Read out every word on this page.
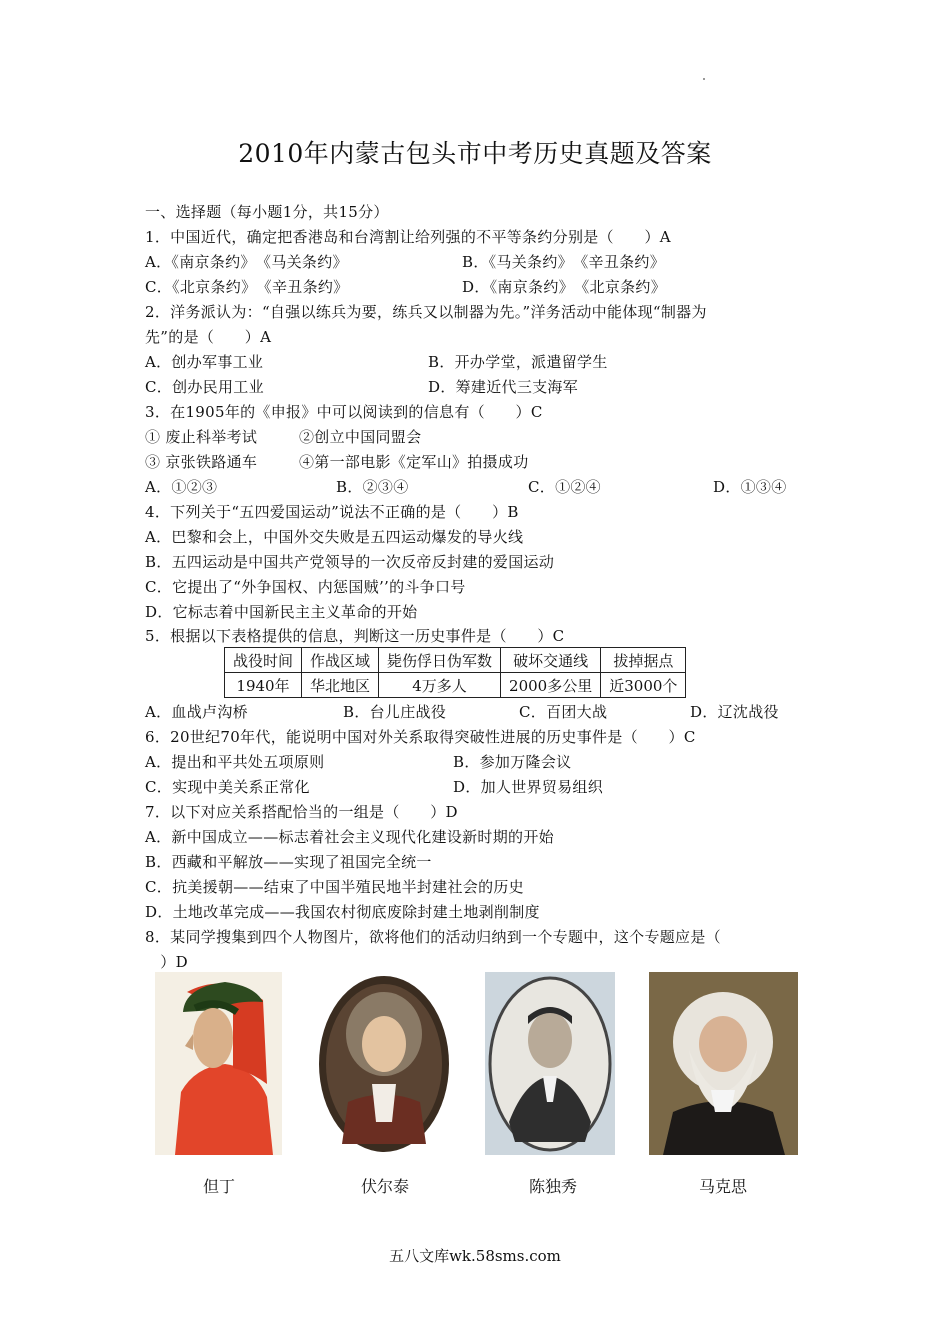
2010年内蒙古包头市中考历史真题及答案
一、选择题（每小题1分，共15分）
1．中国近代，确定把香港岛和台湾割让给列强的不平等条约分别是（　　）A
A．《南京条约》　《马关条约》	B．《马关条约》　《辛丑条约》
C．《北京条约》　《辛丑条约》	D．《南京条约》　《北京条约》
2．洋务派认为：“自强以练兵为要，练兵又以制器为先。”洋务活动中能体现“制器为
先”的是（　　）A
A．创办军事工业	B．开办学堂，派遣留学生
C．创办民用工业	D．筹建近代三支海军
3．在1905年的《申报》中可以阅读到的信息有（　　）C
① 废止科举考试	②创立中国同盟会
③ 京张铁路通车	④第一部电影《定军山》拍摄成功
A．①②③	B．②③④	C．①②④	D．①③④
4．下列关于“五四爱国运动”说法不正确的是（　　）B
A．巴黎和会上，中国外交失败是五四运动爆发的导火线
B．五四运动是中国共产党领导的一次反帝反封建的爱国运动
C．它提出了“外争国权、内惩国贼’’的斗争口号
D．它标志着中国新民主主义革命的开始
5．根据以下表格提供的信息，判断这一历史事件是（　　）C
战役时间	作战区域	毙伤俘日伪军数	破坏交通线	拔掉据点
1940年	华北地区	4万多人	2000多公里	近3000个
A．血战卢沟桥	B．台儿庄战役	C．百团大战	D．辽沈战役
6．20世纪70年代，能说明中国对外关系取得突破性进展的历史事件是（　　）C
A．提出和平共处五项原则	B．参加万隆会议
C．实现中美关系正常化	D．加人世界贸易组织
7．以下对应关系搭配恰当的一组是（　　）D
A．新中国成立——标志着社会主义现代化建设新时期的开始
B．西藏和平解放——实现了祖国完全统一
C．抗美援朝——结束了中国半殖民地半封建社会的历史
D．土地改革完成——我国农村彻底废除封建土地剥削制度
8．某同学搜集到四个人物图片，欲将他们的活动归纳到一个专题中，这个专题应是（
　）D
但丁	伏尔泰	陈独秀	马克思
五八文库wk.58sms.com
